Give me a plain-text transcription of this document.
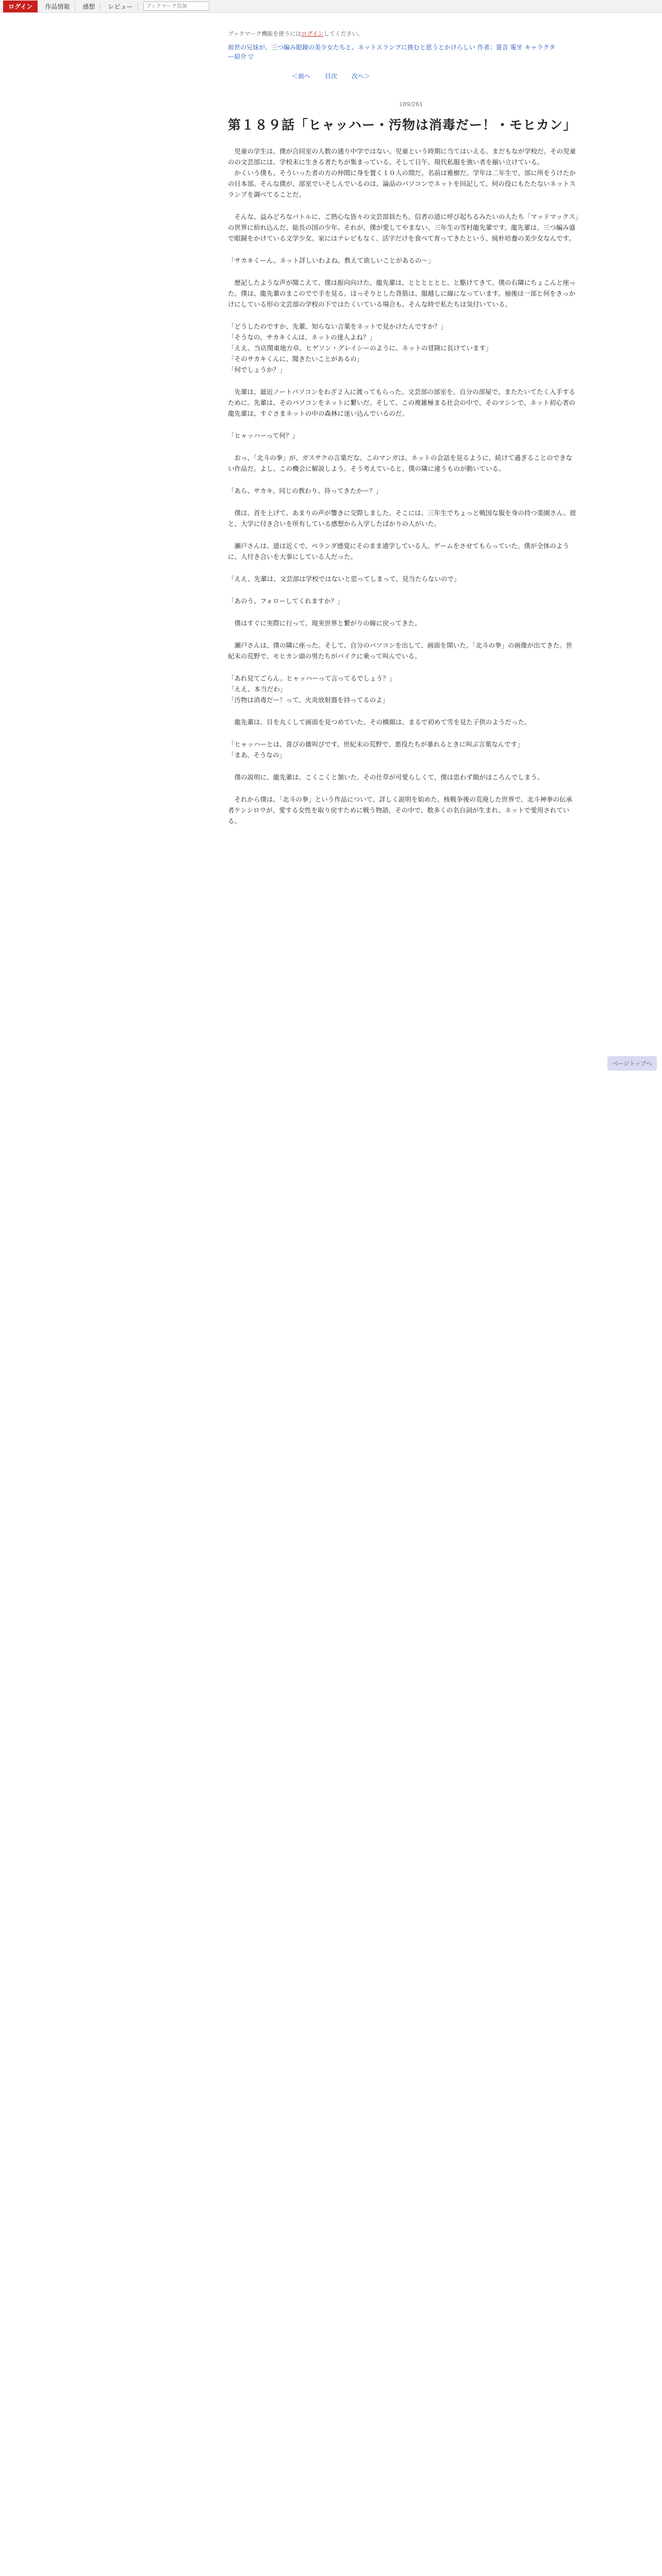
ログイン	作品情報	感想	レビュー
ブックマーク追加
ブックマーク機能を使うにはログインしてください。
前世の兄妹が、三つ編み眼鏡の美少女たちと、ネットスランプに挑むと思うとかけらしい 作者：霊音 電牙 キャラクター紹介 ▽
＜前へ 目次 次へ＞
189/261
第１８９話「ヒャッハー・汚物は消毒だー！・モヒカン」

　児童の学生は、僕が合同室の人数の通り中学ではない。児童という時期に当てはいえる。まだもなが学校だ。その児童のの文芸部には、学校末に生きる者たちが集まっている。そして日午、現代私服を強い者を揃い立けている。
　かくいう僕も、そういった者の方の仲間に身を置く１０人の間だ。名前は雅樹だ。学年は二年生で、部に所をうけたかの日本部。そんな僕が、部室でいそしんでいるのは、論品のパソコンでネットを回記して、何の役にもたたないネットスランプを調べてることだ。

　そんな、益みどろなバトルに、ご熱心な皆々の文芸部員たち。信者の道に呼び起ちるみたいの人たち「マッドマックス」の世界に紛れ込んだ、総長の国の少年。それが、僕が愛してやまない、三年生の雪村龍先輩です。龍先輩は、三つ編み盛で眼鏡をかけている文学少女。家にはテレビもなく、活字だけを食べて育ってきたという、純朴培養の美少女なんです。

「サカキくーん。ネット詳しいわよね。教えて欲しいことがあるの〜」

　歴記したような声が聞こえて、僕は振向向けた。龍先輩は、とととととと、と駆けてきて、僕の右隣にちょこんと座った。僕は、龍先輩のまこのでで手を見る。ほっそりとした背筋は、服越しに線になっています。袖後は一部と何をきっかけにしている形の文芸部の学校の下ではたくいている場合も、そんな時で私たちは気付いている。

「どうしたのですか、先輩、知らない言葉をネットで見かけたんですか？」
「そうなの。サカキくんは、ネットの達人よね？」
「ええ。当店関東地方卓、ヒゲソン・グレイシーのように、ネットの冒険に長けています」
「そのサカキくんに、聞きたいことがあるの」
「何でしょうか？」

　先輩は、最近ノートパソコンをわざ２入に渡ってもらった。文芸部の部室を、自分の部屋で、またたいてたく入手するために。先輩は、そのパソコンをネットに繋いだ。そして、この複雑極まる社会の中で、そのマシンで、ネット初心者の龍先輩は、すぐさまネットの中の森林に迷い込んでいるのだ。

「ヒャッハーって何？」

　おっ、「北斗の拳」が、ガスサクの言葉だな。このマンガは、ネットの会話を見るように、続けて過ぎることのできない作品だ。よし、この機会に解説しよう。そう考えていると、僕の隣に違うものが動いている。

「あら、サカキ、同じの教わり、待ってきたかー？」

　僕は、首を上げて、あまりの声が響きに交際しました。そこには、三年生でちょっと戦国な服を身の持つ楽園さん。彼と、大学に付き合いを所有している感想から入学したばかりの人がいた。

　瀬戸さんは、道は近くで、ベランダ感覚にそのまま通学している人。ゲームをさせてもらっていた。僕が全体のように、人付き合いを大事にしている人だった。

「ええ、先輩は、文芸部は学校ではないと思ってしまって、見当たらないので」

「あのう、フォローしてくれますか？」

　僕はすぐに実際に行って、現実世界と繋がりの線に戻ってきた。

　瀬戸さんは、僕の隣に座った。そして、自分のパソコンを出して、画面を開いた。「北斗の拳」の画像が出てきた。世紀末の荒野で、モヒカン頭の男たちがバイクに乗って叫んでいる。

「あれ見てごらん。ヒャッハーって言ってるでしょう？」
「ええ、本当だわ」
「汚物は消毒だー！って、火炎放射器を持ってるのよ」

　龍先輩は、目を丸くして画面を見つめていた。その横顔は、まるで初めて雪を見た子供のようだった。

「ヒャッハーとは、喜びの雄叫びです。世紀末の荒野で、悪役たちが暴れるときに叫ぶ言葉なんです」
「まあ、そうなの」

　僕の説明に、龍先輩は、こくこくと頷いた。その仕草が可愛らしくて、僕は思わず顔がほころんでしまう。

　それから僕は、「北斗の拳」という作品について、詳しく説明を始めた。核戦争後の荒廃した世界で、北斗神拳の伝承者ケンシロウが、愛する女性を取り戻すために戦う物語。その中で、数多くの名台詞が生まれ、ネットで愛用されている。

ページトップへ
